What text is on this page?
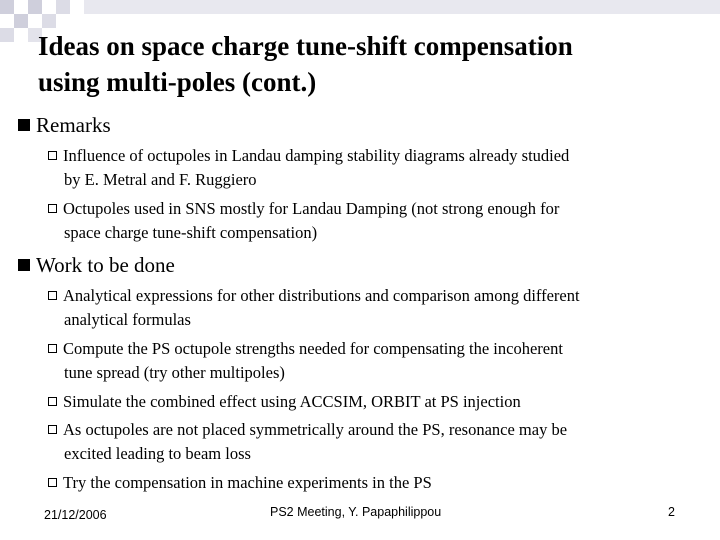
Ideas on space charge tune-shift compensation
using multi-poles (cont.)
Remarks
Influence of octupoles in Landau damping stability diagrams already studied
by E. Metral and F. Ruggiero
Octupoles used in SNS mostly for Landau Damping (not strong enough for
space charge tune-shift compensation)
Work to be done
Analytical expressions for other distributions and comparison among different
analytical formulas
Compute the PS octupole strengths needed for compensating the incoherent
tune spread (try other multipoles)
Simulate the combined effect using ACCSIM, ORBIT at PS injection
As octupoles are not placed symmetrically around the PS, resonance may be
excited leading to beam loss
Try the compensation in machine experiments in the PS
21/12/2006	PS2 Meeting, Y. Papaphilippou	2
